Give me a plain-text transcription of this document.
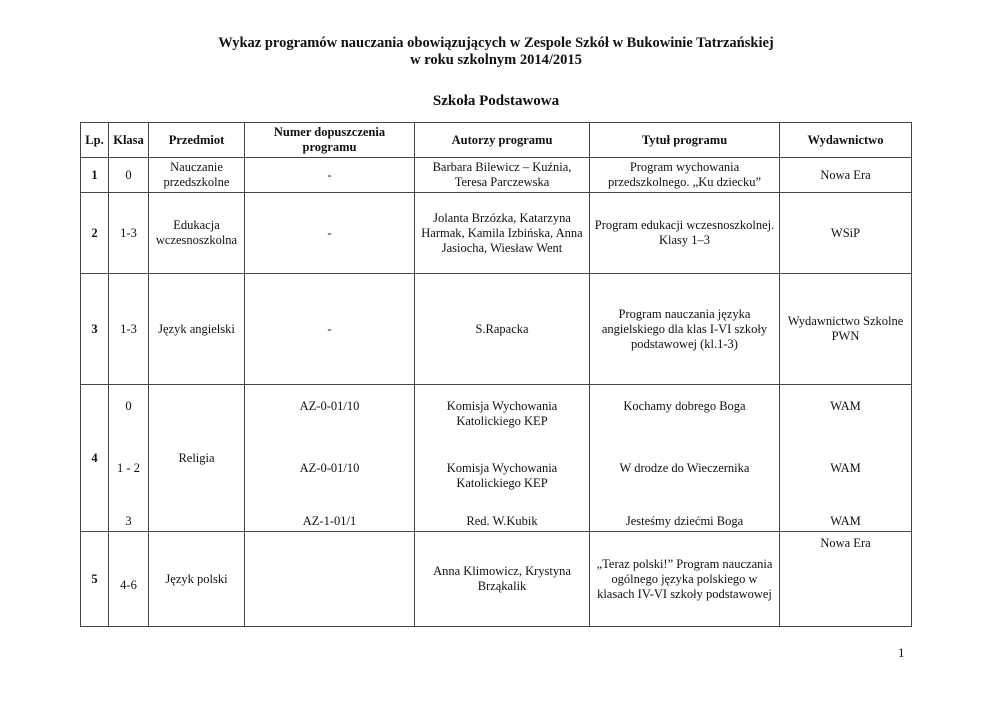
Wykaz programów nauczania obowiązujących w Zespole Szkół w Bukowinie Tatrzańskiej
w roku szkolnym 2014/2015
Szkoła Podstawowa
Lp.	Klasa	Przedmiot	Numer dopuszczenia programu	Autorzy programu	Tytuł programu	Wydawnictwo
1	0	Nauczanie przedszkolne	-	Barbara Bilewicz – Kuźnia, Teresa Parczewska	Program wychowania przedszkolnego. „Ku dziecku”	Nowa Era
2	1-3	Edukacja wczesnoszkolna	-	Jolanta Brzózka, Katarzyna Harmak, Kamila Izbińska, Anna Jasiocha, Wiesław Went	Program edukacji wczesnoszkolnej. Klasy 1–3	WSiP
3	1-3	Język angielski	-	S.Rapacka	Program nauczania języka angielskiego dla klas I-VI szkoły podstawowej (kl.1-3)	Wydawnictwo Szkolne PWN
4	0	Religia	AZ-0-01/10	Komisja Wychowania Katolickiego KEP	Kochamy dobrego Boga	WAM
	1 - 2		AZ-0-01/10	Komisja Wychowania Katolickiego KEP	W drodze do Wieczernika	WAM
	3		AZ-1-01/1	Red. W.Kubik	Jesteśmy dziećmi Boga	WAM
5	4-6	Język polski		Anna Klimowicz, Krystyna Brząkalik	„Teraz polski!” Program nauczania ogólnego języka polskiego w klasach IV-VI szkoły podstawowej	Nowa Era
1
